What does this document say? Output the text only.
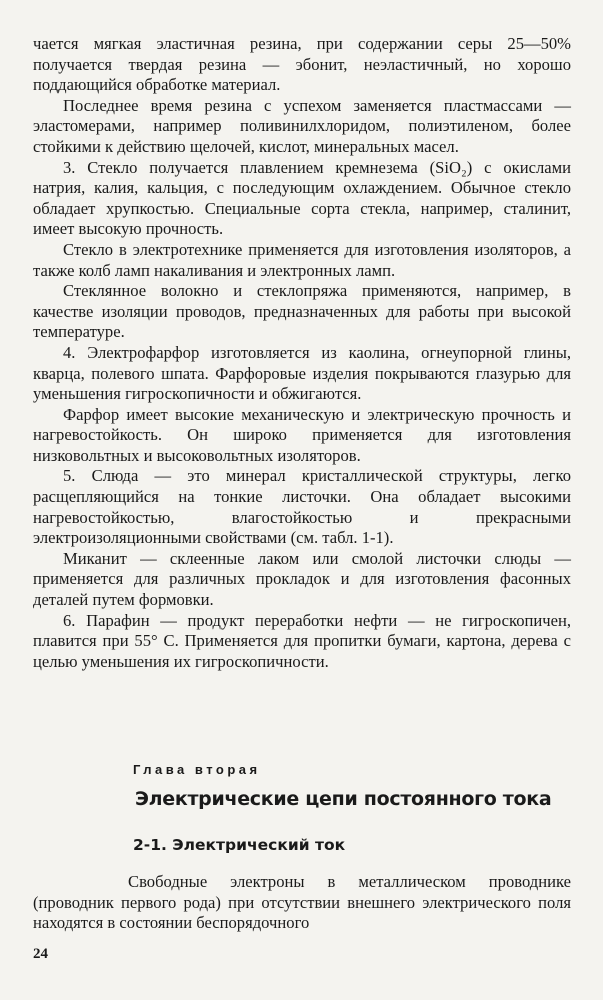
чается мягкая эластичная резина, при содержании серы 25—50% получается твердая резина — эбонит, неэластичный, но хорошо поддающийся обработке материал.

Последнее время резина с успехом заменяется пластмассами — эластомерами, например поливинилхлоридом, полиэтиленом, более стойкими к действию щелочей, кислот, минеральных масел.

3. Стекло получается плавлением кремнезема (SiO₂) с окислами натрия, калия, кальция, с последующим охлаждением. Обычное стекло обладает хрупкостью. Специальные сорта стекла, например, сталинит, имеет высокую прочность.

Стекло в электротехнике применяется для изготовления изоляторов, а также колб ламп накаливания и электронных ламп.

Стеклянное волокно и стеклопряжа применяются, например, в качестве изоляции проводов, предназначенных для работы при высокой температуре.

4. Электрофарфор изготовляется из каолина, огнеупорной глины, кварца, полевого шпата. Фарфоровые изделия покрываются глазурью для уменьшения гигроскопичности и обжигаются.

Фарфор имеет высокие механическую и электрическую прочность и нагревостойкость. Он широко применяется для изготовления низковольтных и высоковольтных изоляторов.

5. Слюда — это минерал кристаллической структуры, легко расщепляющийся на тонкие листочки. Она обладает высокими нагревостойкостью, влагостойкостью и прекрасными электроизоляционными свойствами (см. табл. 1-1).

Миканит — склеенные лаком или смолой листочки слюды — применяется для различных прокладок и для изготовления фасонных деталей путем формовки.

6. Парафин — продукт переработки нефти — не гигроскопичен, плавится при 55° С. Применяется для пропитки бумаги, картона, дерева с целью уменьшения их гигроскопичности.

Глава вторая
Электрические цепи постоянного тока
2-1. Электрический ток

Свободные электроны в металлическом проводнике (проводник первого рода) при отсутствии внешнего электрического поля находятся в состоянии беспорядочного

24
